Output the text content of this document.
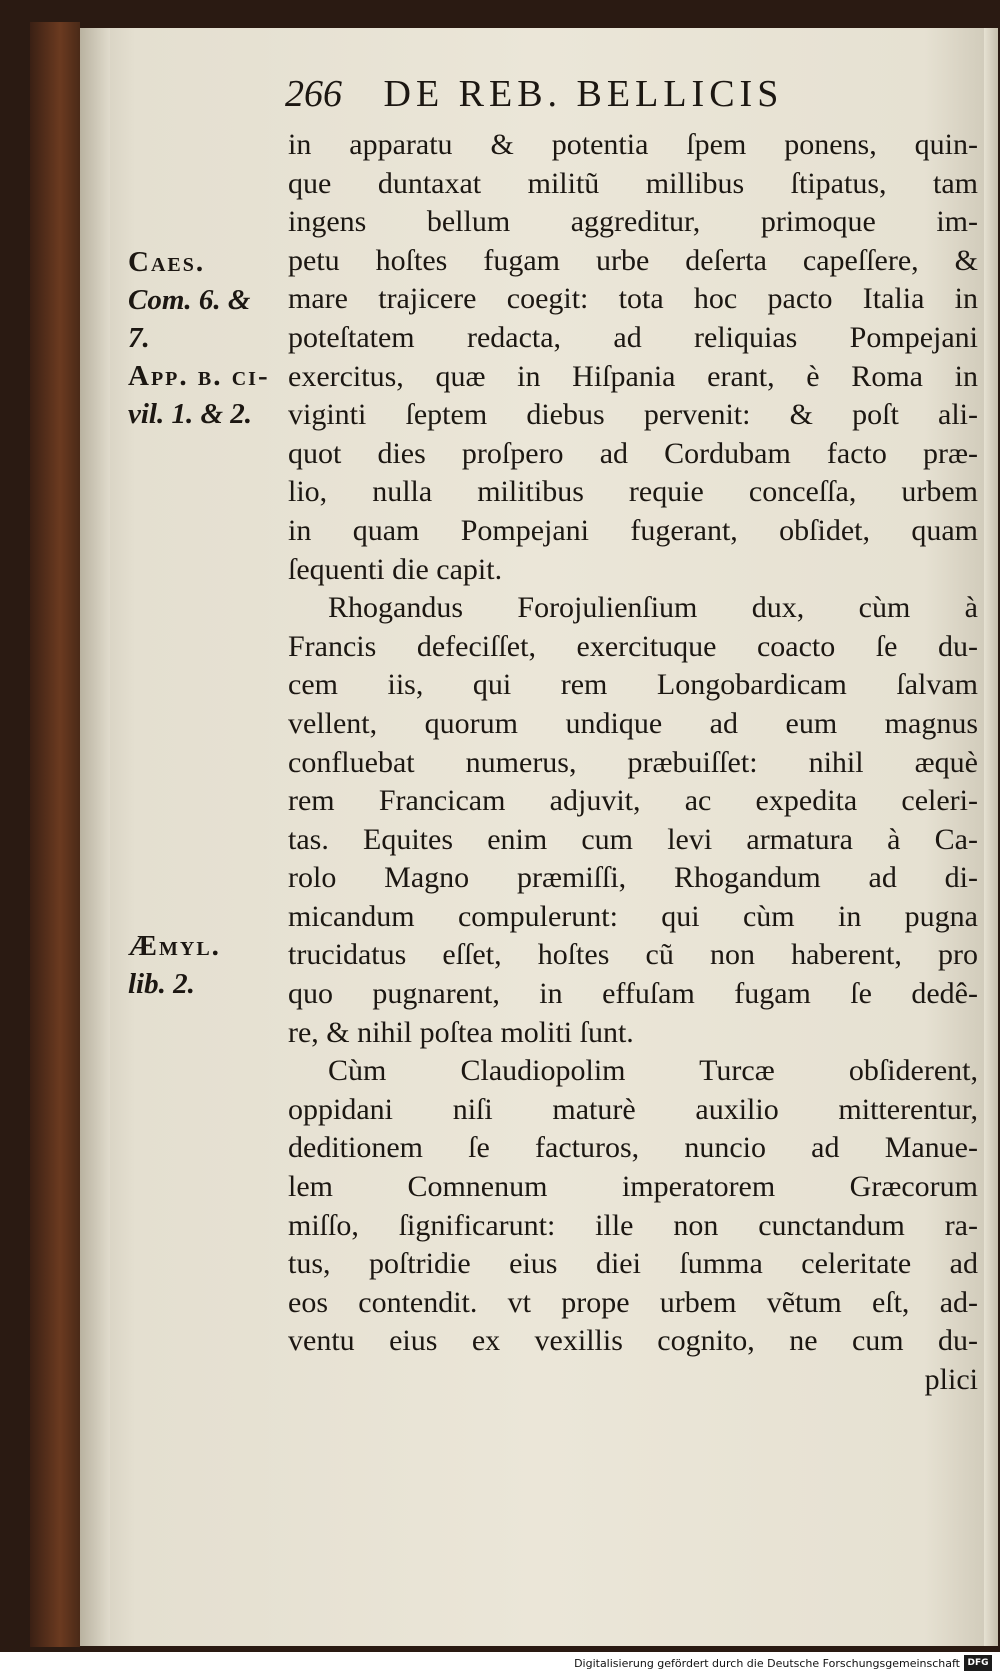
266 DE REB. BELLICIS
Caes.
Com. 6. &
7.
App. b. ci-
vil. 1. & 2.
Æmyl.
lib. 2.
in apparatu & potentia ſpem ponens, quin-
que duntaxat militũ millibus ſtipatus, tam
ingens bellum aggreditur, primoque im-
petu hoſtes fugam urbe deſerta capeſſere, &
mare trajicere coegit: tota hoc pacto Italia in
poteſtatem redacta, ad reliquias Pompejani
exercitus, quæ in Hiſpania erant, è Roma in
viginti ſeptem diebus pervenit: & poſt ali-
quot dies proſpero ad Cordubam facto præ-
lio, nulla militibus requie conceſſa, urbem
in quam Pompejani fugerant, obſidet, quam
ſequenti die capit.
Rhogandus Forojulienſium dux, cùm à
Francis defeciſſet, exercituque coacto ſe du-
cem iis, qui rem Longobardicam ſalvam
vellent, quorum undique ad eum magnus
confluebat numerus, præbuiſſet: nihil æquè
rem Francicam adjuvit, ac expedita celeri-
tas. Equites enim cum levi armatura à Ca-
rolo Magno præmiſſi, Rhogandum ad di-
micandum compulerunt: qui cùm in pugna
trucidatus eſſet, hoſtes cũ non haberent, pro
quo pugnarent, in effuſam fugam ſe dedê-
re, & nihil poſtea moliti ſunt.
Cùm Claudiopolim Turcæ obſiderent,
oppidani niſi maturè auxilio mitterentur,
deditionem ſe facturos, nuncio ad Manue-
lem Comnenum imperatorem Græcorum
miſſo, ſignificarunt: ille non cunctandum ra-
tus, poſtridie eius diei ſumma celeritate ad
eos contendit. vt prope urbem vẽtum eſt, ad-
ventu eius ex vexillis cognito, ne cum du-
plici
Digitalisierung gefördert durch die Deutsche Forschungsgemeinschaft DFG
